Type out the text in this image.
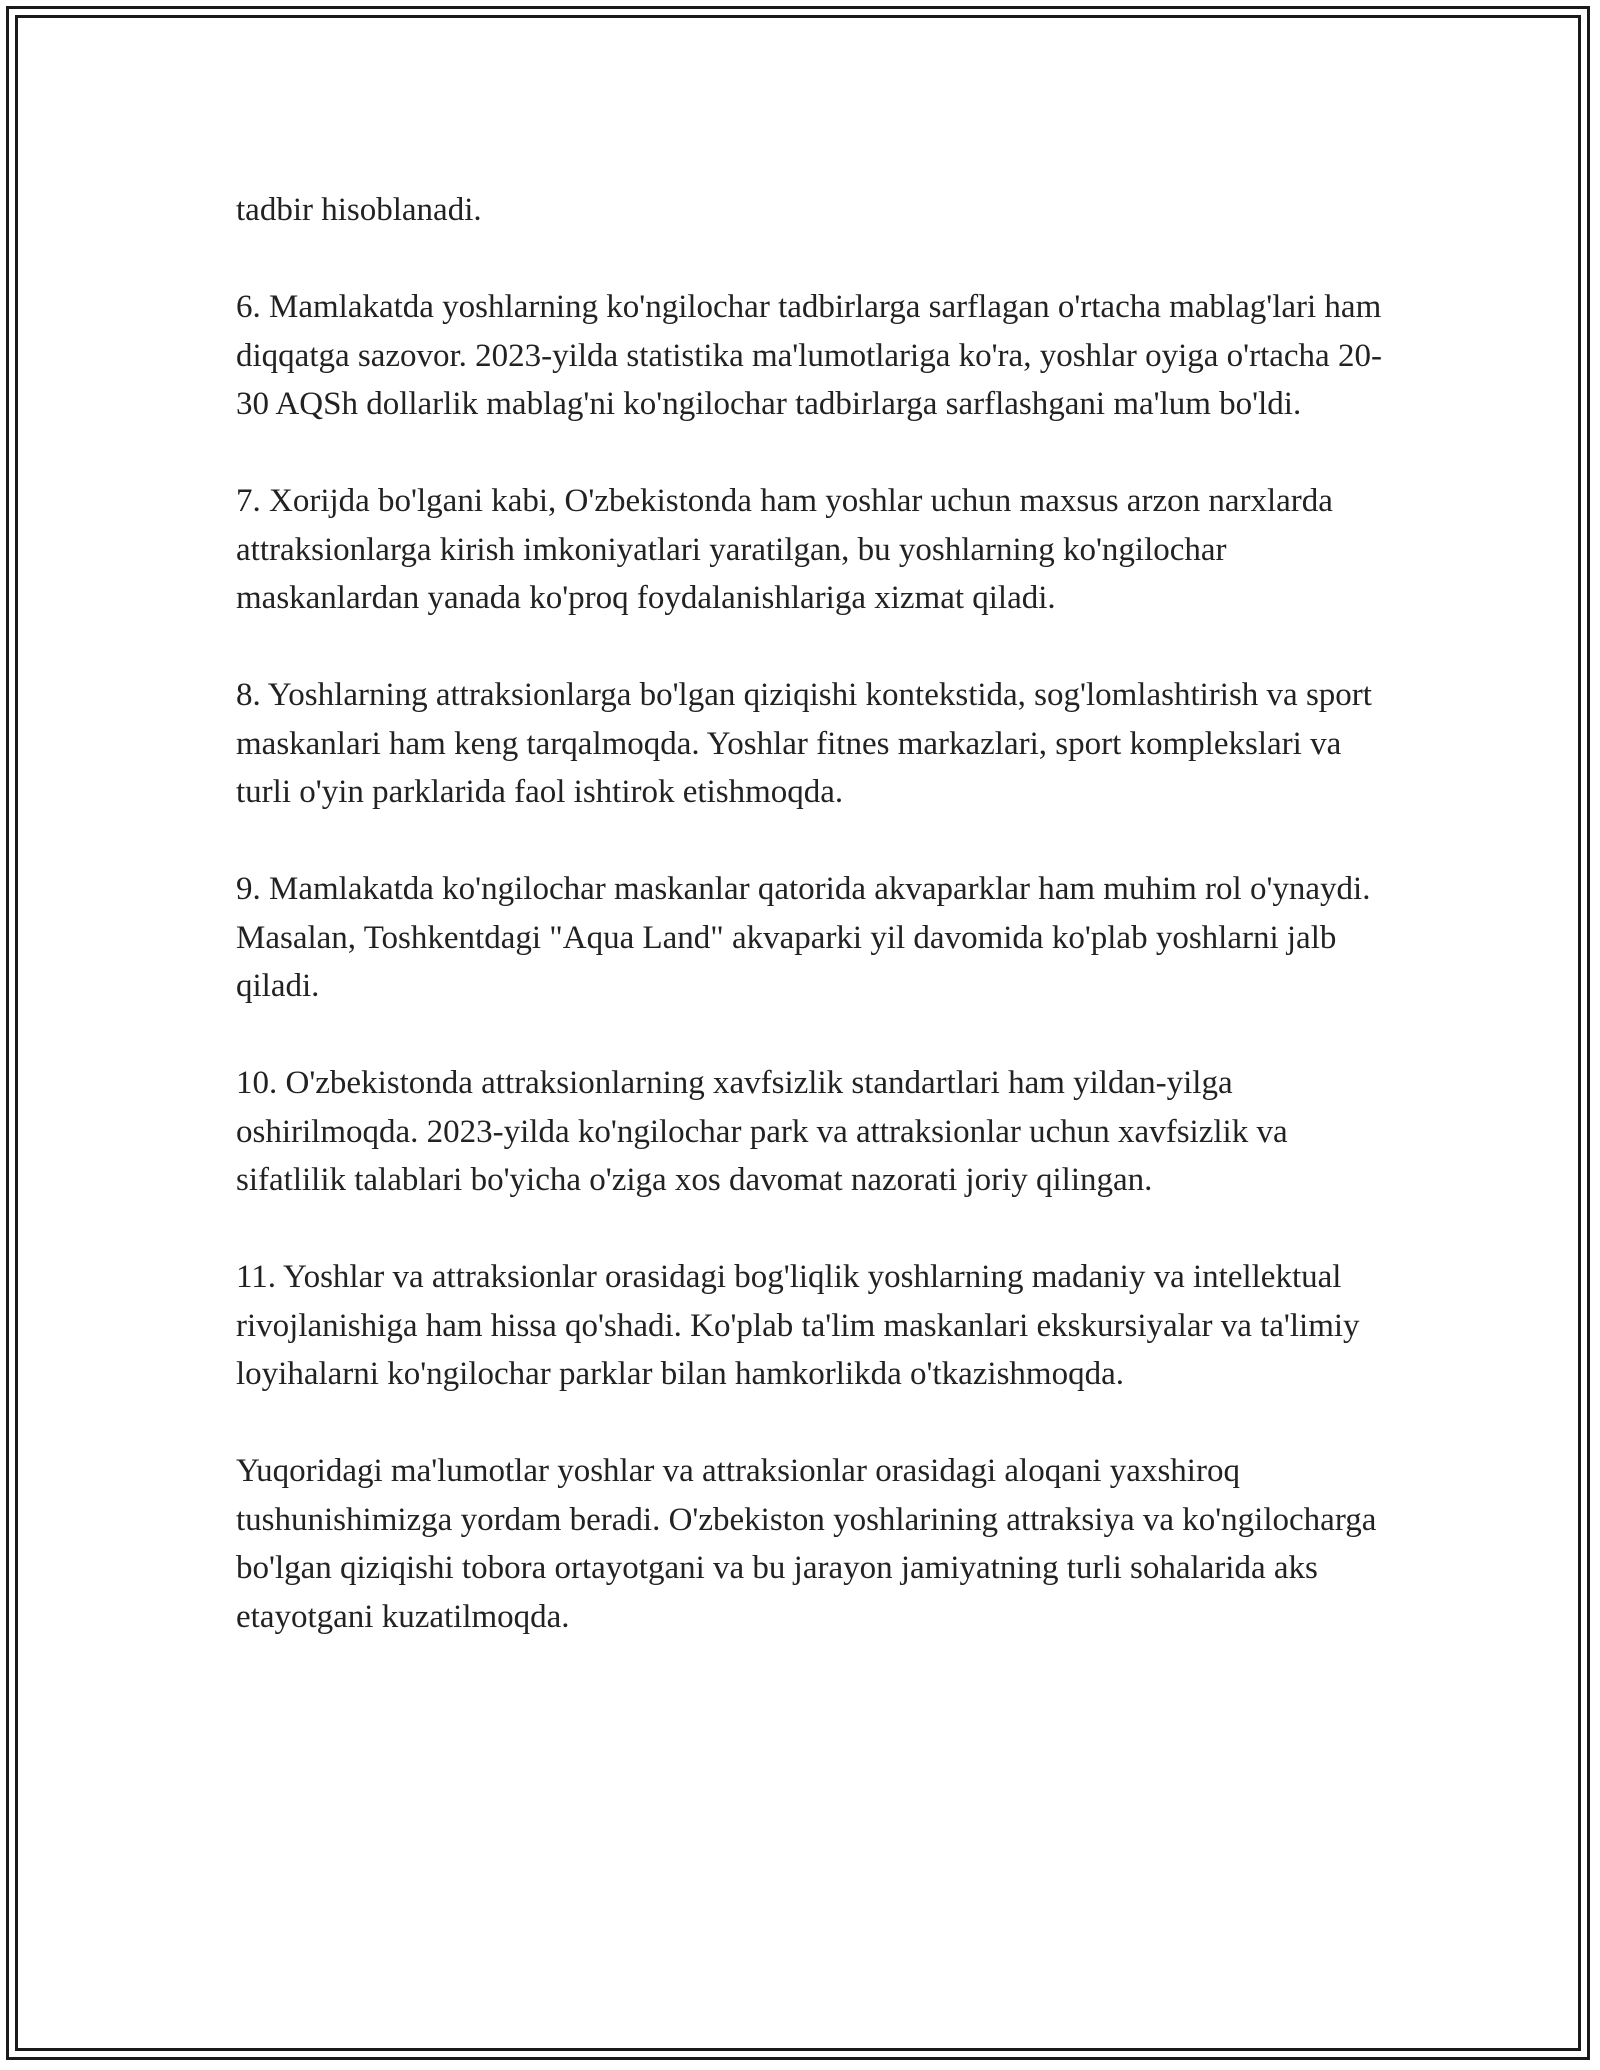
tadbir hisoblanadi.

6. Mamlakatda yoshlarning ko'ngilochar tadbirlarga sarflagan o'rtacha mablag'lari ham diqqatga sazovor. 2023-yilda statistika ma'lumotlariga ko'ra, yoshlar oyiga o'rtacha 20-30 AQSh dollarlik mablag'ni ko'ngilochar tadbirlarga sarflashgani ma'lum bo'ldi.

7. Xorijda bo'lgani kabi, O'zbekistonda ham yoshlar uchun maxsus arzon narxlarda attraksionlarga kirish imkoniyatlari yaratilgan, bu yoshlarning ko'ngilochar maskanlardan yanada ko'proq foydalanishlariga xizmat qiladi.

8. Yoshlarning attraksionlarga bo'lgan qiziqishi kontekstida, sog'lomlashtirish va sport maskanlari ham keng tarqalmoqda. Yoshlar fitnes markazlari, sport komplekslari va turli o'yin parklarida faol ishtirok etishmoqda.

9. Mamlakatda ko'ngilochar maskanlar qatorida akvaparklar ham muhim rol o'ynaydi. Masalan, Toshkentdagi "Aqua Land" akvaparki yil davomida ko'plab yoshlarni jalb qiladi.

10. O'zbekistonda attraksionlarning xavfsizlik standartlari ham yildan-yilga oshirilmoqda. 2023-yilda ko'ngilochar park va attraksionlar uchun xavfsizlik va sifatlilik talablari bo'yicha o'ziga xos davomat nazorati joriy qilingan.

11. Yoshlar va attraksionlar orasidagi bog'liqlik yoshlarning madaniy va intellektual rivojlanishiga ham hissa qo'shadi. Ko'plab ta'lim maskanlari ekskursiyalar va ta'limiy loyihalarni ko'ngilochar parklar bilan hamkorlikda o'tkazishmoqda.

Yuqoridagi ma'lumotlar yoshlar va attraksionlar orasidagi aloqani yaxshiroq tushunishimizga yordam beradi. O'zbekiston yoshlarining attraksiya va ko'ngilocharga bo'lgan qiziqishi tobora ortayotgani va bu jarayon jamiyatning turli sohalarida aks etayotgani kuzatilmoqda.
